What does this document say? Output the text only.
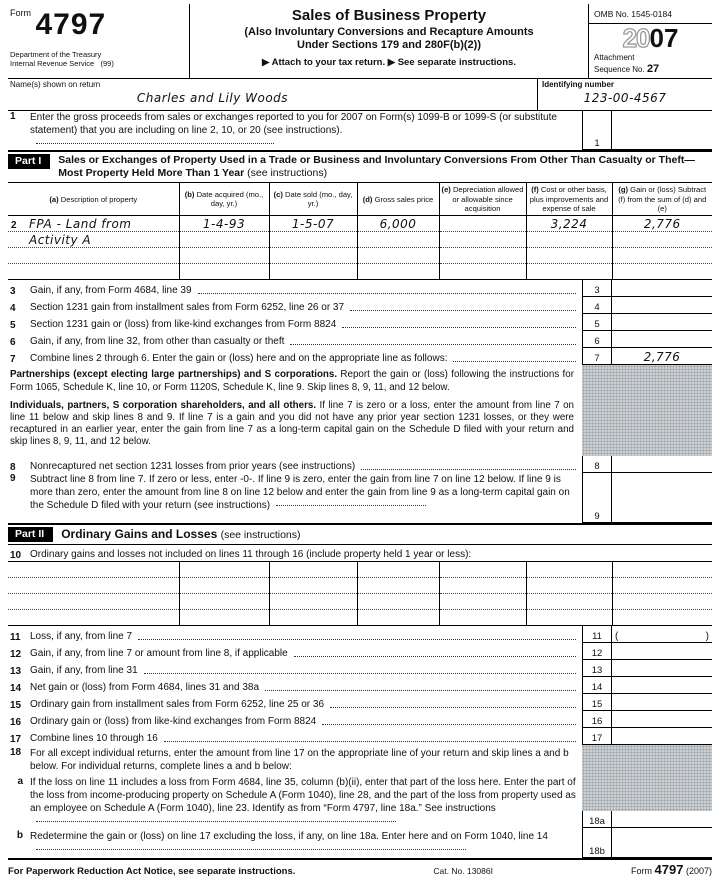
$^{Form}$ 4797
Department of the Treasury
Internal Revenue Service (99)
Sales of Business Property
(Also Involuntary Conversions and Recapture Amounts
Under Sections 179 and 280F(b)(2))
▶ Attach to your tax return. ▶ See separate instructions.
OMB No. 1545-0184
2007
Attachment
Sequence No. 27
Name(s) shown on return
Charles and Lily Woods
Identifying number
123-00-4567
1	Enter the gross proceeds from sales or exchanges reported to you for 2007 on Form(s) 1099-B or 1099-S (or substitute statement) that you are including on line 2, 10, or 20 (see instructions).
1
Part I	Sales or Exchanges of Property Used in a Trade or Business and Involuntary Conversions From Other Than Casualty or Theft—Most Property Held More Than 1 Year (see instructions)
(a) Description of property	(b) Date acquired (mo., day, yr.)	(c) Date sold (mo., day, yr.)	(d) Gross sales price	(e) Depreciation allowed or allowable since acquisition	(f) Cost or other basis, plus improvements and expense of sale	(g) Gain or (loss) Subtract (f) from the sum of (d) and (e)
2 FPA - Land from	1-4-93	1-5-07	6,000		3,224	2,776
Activity A						

3	Gain, if any, from Form 4684, line 39	3
4	Section 1231 gain from installment sales from Form 6252, line 26 or 37	4
5	Section 1231 gain or (loss) from like-kind exchanges from Form 8824	5
6	Gain, if any, from line 32, from other than casualty or theft	6
7	Combine lines 2 through 6. Enter the gain or (loss) here and on the appropriate line as follows:	7	2,776
Partnerships (except electing large partnerships) and S corporations. Report the gain or (loss) following the instructions for Form 1065, Schedule K, line 10, or Form 1120S, Schedule K, line 9. Skip lines 8, 9, 11, and 12 below.
Individuals, partners, S corporation shareholders, and all others. If line 7 is zero or a loss, enter the amount from line 7 on line 11 below and skip lines 8 and 9. If line 7 is a gain and you did not have any prior year section 1231 losses, or they were recaptured in an earlier year, enter the gain from line 7 as a long-term capital gain on the Schedule D filed with your return and skip lines 8, 9, 11, and 12 below.
8	Nonrecaptured net section 1231 losses from prior years (see instructions)	8
9	Subtract line 8 from line 7. If zero or less, enter -0-. If line 9 is zero, enter the gain from line 7 on line 12 below. If line 9 is more than zero, enter the amount from line 8 on line 12 below and enter the gain from line 9 as a long-term capital gain on the Schedule D filed with your return (see instructions)
9
Part II	Ordinary Gains and Losses (see instructions)
10 Ordinary gains and losses not included on lines 11 through 16 (include property held 1 year or less):

11 Loss, if any, from line 7	11	(	)
12 Gain, if any, from line 7 or amount from line 8, if applicable	12
13 Gain, if any, from line 31	13
14 Net gain or (loss) from Form 4684, lines 31 and 38a	14
15 Ordinary gain from installment sales from Form 6252, line 25 or 36	15
16 Ordinary gain or (loss) from like-kind exchanges from Form 8824	16
17 Combine lines 10 through 16	17
18 For all except individual returns, enter the amount from line 17 on the appropriate line of your return and skip lines a and b below. For individual returns, complete lines a and b below:
a If the loss on line 11 includes a loss from Form 4684, line 35, column (b)(ii), enter that part of the loss here. Enter the part of the loss from income-producing property on Schedule A (Form 1040), line 28, and the part of the loss from property used as an employee on Schedule A (Form 1040), line 23. Identify as from “Form 4797, line 18a.” See instructions
18a
b Redetermine the gain or (loss) on line 17 excluding the loss, if any, on line 18a. Enter here and on Form 1040, line 14
18b
For Paperwork Reduction Act Notice, see separate instructions.	Cat. No. 13086I	Form 4797 (2007)
